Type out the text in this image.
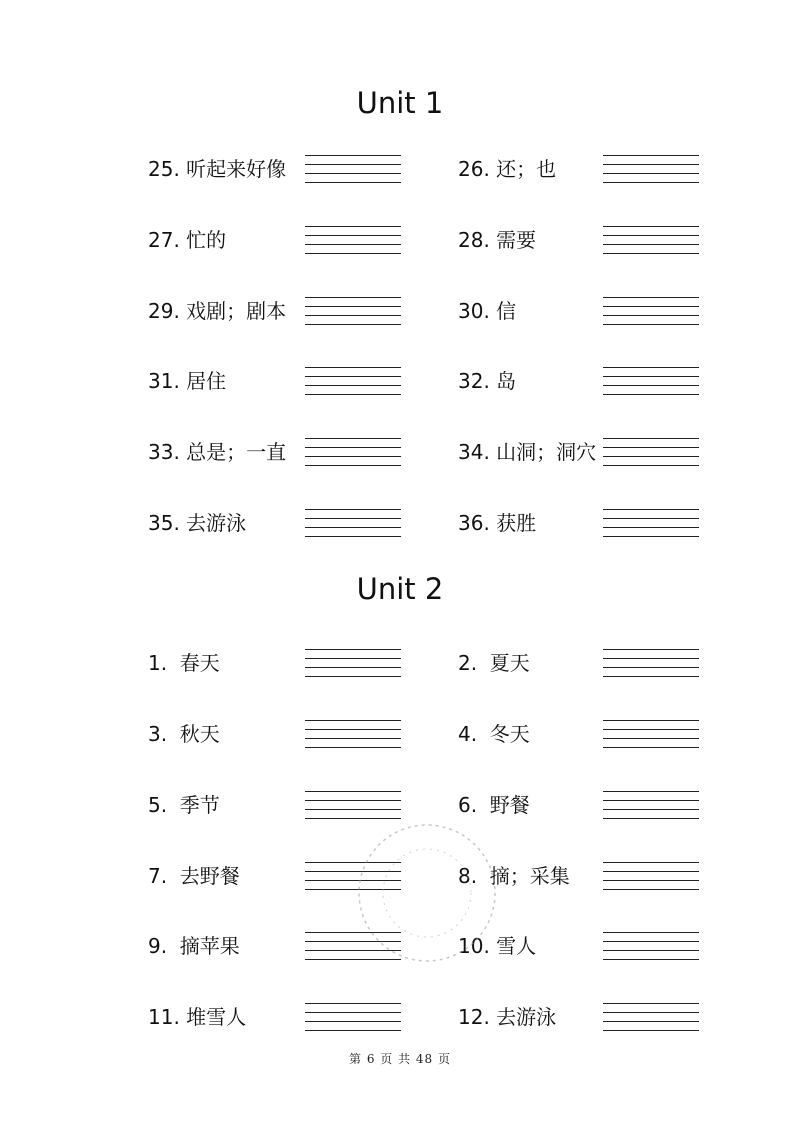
Unit 1
25. 听起来好像	26. 还；也
27. 忙的	28. 需要
29. 戏剧；剧本	30. 信
31. 居住	32. 岛
33. 总是；一直	34. 山洞；洞穴
35. 去游泳	36. 获胜
Unit 2
1.  春天	2.  夏天
3.  秋天	4.  冬天
5.  季节	6.  野餐
7.  去野餐	8.  摘；采集
9.  摘苹果	10. 雪人
11. 堆雪人	12. 去游泳
第 6 页 共 48 页
